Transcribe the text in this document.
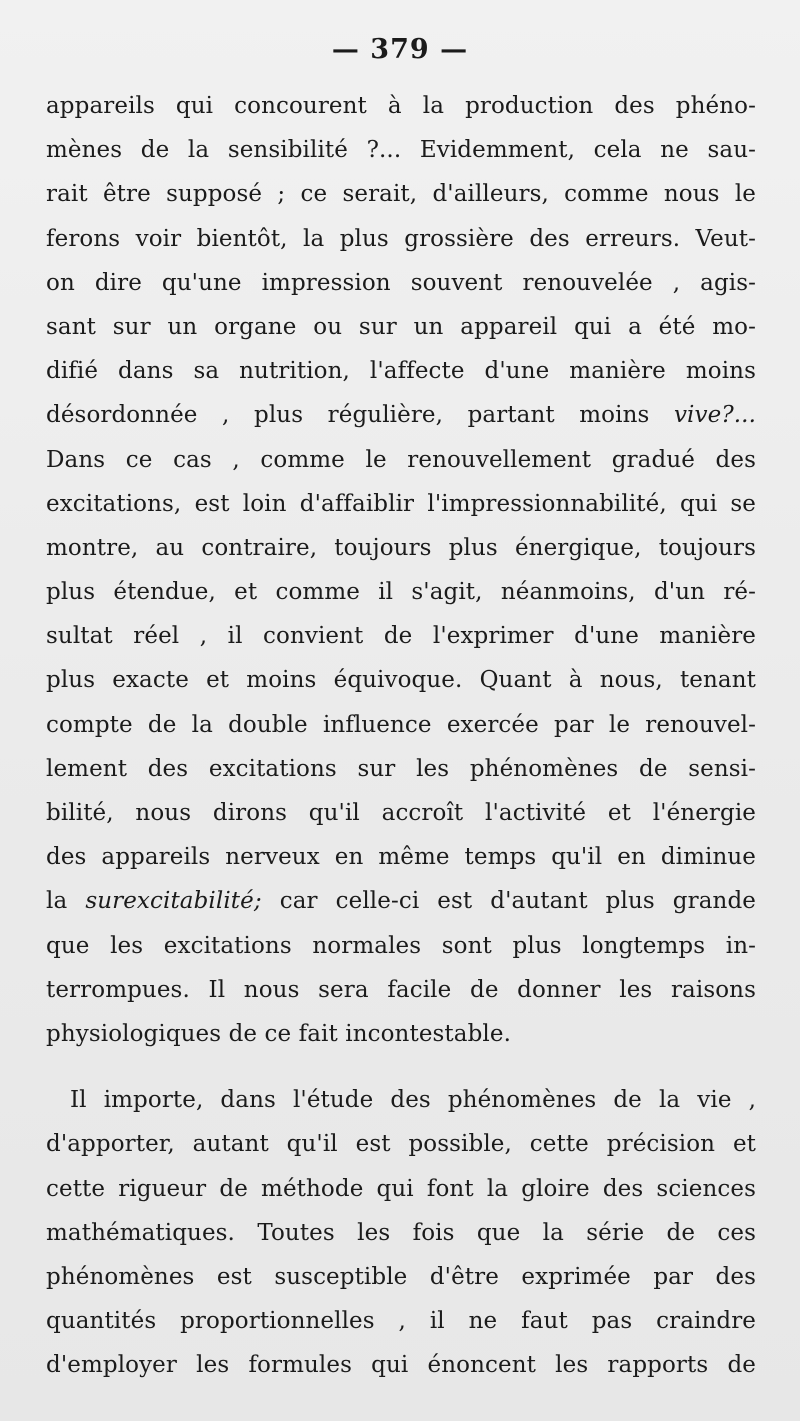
— 379 —
appareils qui concourent à la production des phéno-
mènes de la sensibilité ?... Evidemment, cela ne sau-
rait être supposé ; ce serait, d'ailleurs, comme nous le
ferons voir bientôt, la plus grossière des erreurs. Veut-
on dire qu'une impression souvent renouvelée , agis-
sant sur un organe ou sur un appareil qui a été mo-
difié dans sa nutrition, l'affecte d'une manière moins
désordonnée , plus régulière, partant moins vive?...
Dans ce cas , comme le renouvellement gradué des
excitations, est loin d'affaiblir l'impressionnabilité, qui se
montre, au contraire, toujours plus énergique, toujours
plus étendue, et comme il s'agit, néanmoins, d'un ré-
sultat réel , il convient de l'exprimer d'une manière
plus exacte et moins équivoque. Quant à nous, tenant
compte de la double influence exercée par le renouvel-
lement des excitations sur les phénomènes de sensi-
bilité, nous dirons qu'il accroît l'activité et l'énergie
des appareils nerveux en même temps qu'il en diminue
la surexcitabilité; car celle-ci est d'autant plus grande
que les excitations normales sont plus longtemps in-
terrompues. Il nous sera facile de donner les raisons
physiologiques de ce fait incontestable.
Il importe, dans l'étude des phénomènes de la vie ,
d'apporter, autant qu'il est possible, cette précision et
cette rigueur de méthode qui font la gloire des sciences
mathématiques. Toutes les fois que la série de ces
phénomènes est susceptible d'être exprimée par des
quantités proportionnelles , il ne faut pas craindre
d'employer les formules qui énoncent les rapports de
